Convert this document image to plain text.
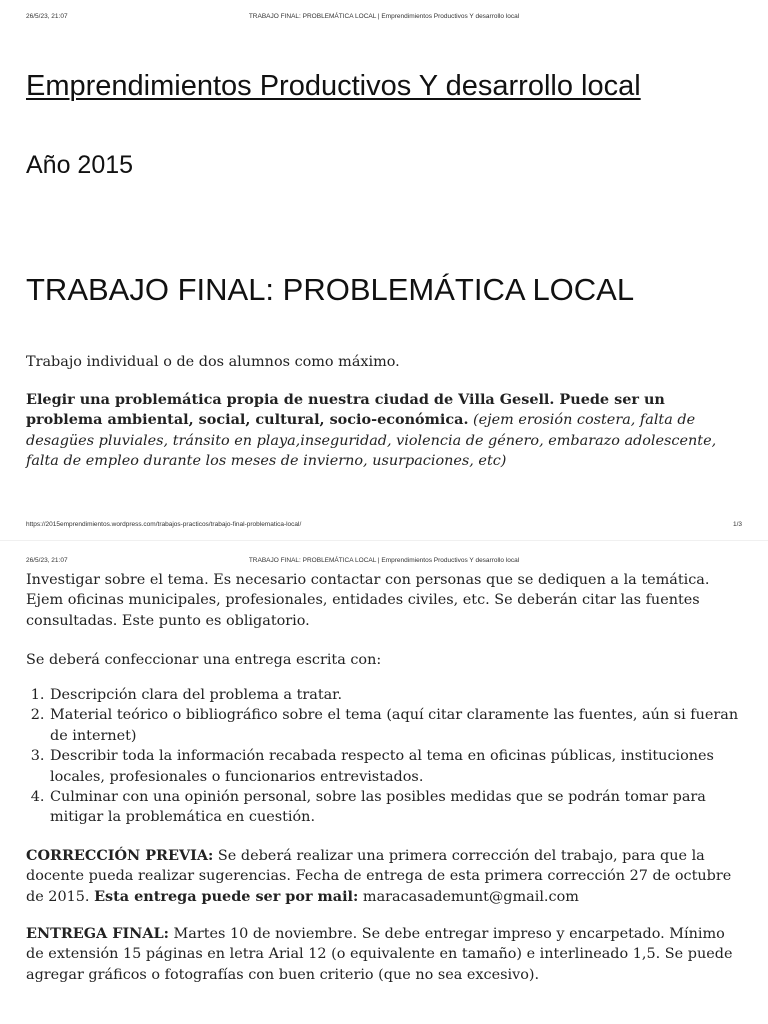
26/5/23, 21:07	TRABAJO FINAL: PROBLEMÁTICA LOCAL | Emprendimientos Productivos Y desarrollo local
Emprendimientos Productivos Y desarrollo local

Año 2015

TRABAJO FINAL: PROBLEMÁTICA LOCAL

Trabajo individual o de dos alumnos como máximo.

Elegir una problemática propia de nuestra ciudad de Villa Gesell. Puede ser un problema ambiental, social, cultural, socio-económica. (ejem erosión costera, falta de desagües pluviales, tránsito en playa,inseguridad, violencia de género, embarazo adolescente, falta de empleo durante los meses de invierno, usurpaciones, etc)

https://2015emprendimientos.wordpress.com/trabajos-practicos/trabajo-final-problematica-local/	1/3
26/5/23, 21:07	TRABAJO FINAL: PROBLEMÁTICA LOCAL | Emprendimientos Productivos Y desarrollo local

Investigar sobre el tema. Es necesario contactar con personas que se dediquen a la temática. Ejem oficinas municipales, profesionales, entidades civiles, etc. Se deberán citar las fuentes consultadas. Este punto es obligatorio.

Se deberá confeccionar una entrega escrita con:

1. Descripción clara del problema a tratar.
2. Material teórico o bibliográfico sobre el tema (aquí citar claramente las fuentes, aún si fueran de internet)
3. Describir toda la información recabada respecto al tema en oficinas públicas, instituciones locales, profesionales o funcionarios entrevistados.
4. Culminar con una opinión personal, sobre las posibles medidas que se podrán tomar para mitigar la problemática en cuestión.

CORRECCIÓN PREVIA: Se deberá realizar una primera corrección del trabajo, para que la docente pueda realizar sugerencias. Fecha de entrega de esta primera corrección 27 de octubre de 2015. Esta entrega puede ser por mail: maracasademunt@gmail.com

ENTREGA FINAL: Martes 10 de noviembre. Se debe entregar impreso y encarpetado. Mínimo de extensión 15 páginas en letra Arial 12 (o equivalente en tamaño) e interlineado 1,5. Se puede agregar gráficos o fotografías con buen criterio (que no sea excesivo).
